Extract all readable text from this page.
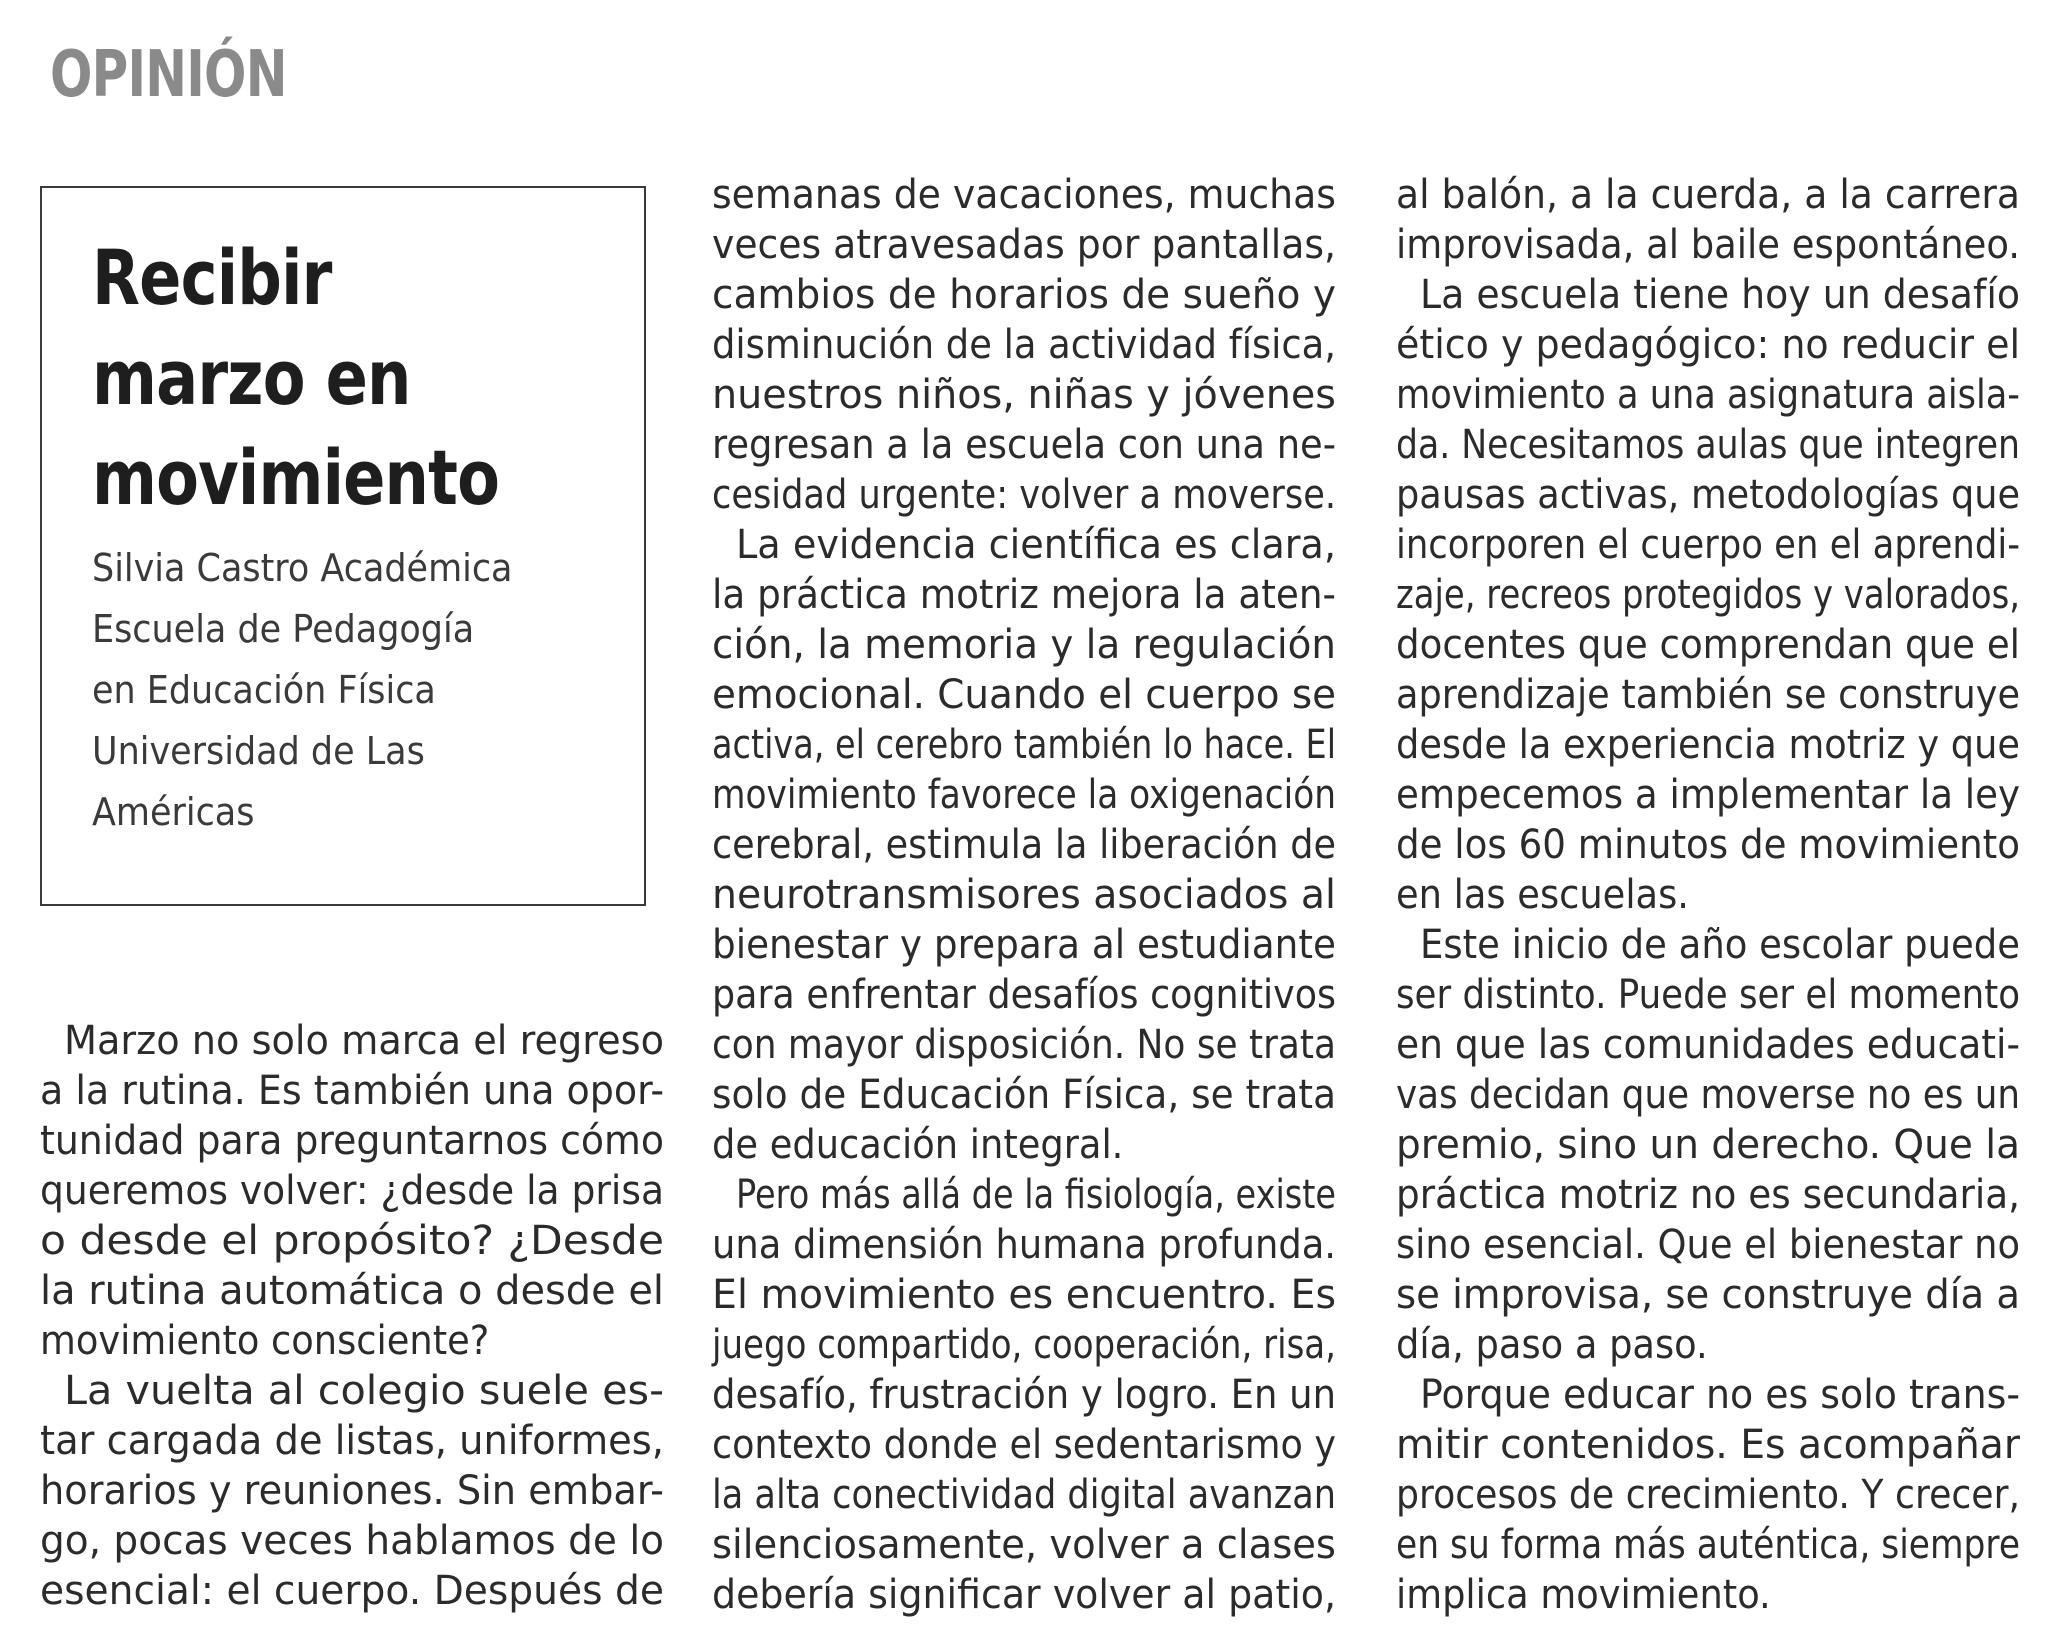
OPINIÓN
Recibir
marzo en
movimiento
Silvia Castro Académica
Escuela de Pedagogía
en Educación Física
Universidad de Las
Américas
Marzo no solo marca el regreso
a la rutina. Es también una opor-
tunidad para preguntarnos cómo
queremos volver: ¿desde la prisa
o desde el propósito? ¿Desde
la rutina automática o desde el
movimiento consciente?
La vuelta al colegio suele es-
tar cargada de listas, uniformes,
horarios y reuniones. Sin embar-
go, pocas veces hablamos de lo
esencial: el cuerpo. Después de
semanas de vacaciones, muchas
veces atravesadas por pantallas,
cambios de horarios de sueño y
disminución de la actividad física,
nuestros niños, niñas y jóvenes
regresan a la escuela con una ne-
cesidad urgente: volver a moverse.
La evidencia científica es clara,
la práctica motriz mejora la aten-
ción, la memoria y la regulación
emocional. Cuando el cuerpo se
activa, el cerebro también lo hace. El
movimiento favorece la oxigenación
cerebral, estimula la liberación de
neurotransmisores asociados al
bienestar y prepara al estudiante
para enfrentar desafíos cognitivos
con mayor disposición. No se trata
solo de Educación Física, se trata
de educación integral.
Pero más allá de la fisiología, existe
una dimensión humana profunda.
El movimiento es encuentro. Es
juego compartido, cooperación, risa,
desafío, frustración y logro. En un
contexto donde el sedentarismo y
la alta conectividad digital avanzan
silenciosamente, volver a clases
debería significar volver al patio,
al balón, a la cuerda, a la carrera
improvisada, al baile espontáneo.
La escuela tiene hoy un desafío
ético y pedagógico: no reducir el
movimiento a una asignatura aisla-
da. Necesitamos aulas que integren
pausas activas, metodologías que
incorporen el cuerpo en el aprendi-
zaje, recreos protegidos y valorados,
docentes que comprendan que el
aprendizaje también se construye
desde la experiencia motriz y que
empecemos a implementar la ley
de los 60 minutos de movimiento
en las escuelas.
Este inicio de año escolar puede
ser distinto. Puede ser el momento
en que las comunidades educati-
vas decidan que moverse no es un
premio, sino un derecho. Que la
práctica motriz no es secundaria,
sino esencial. Que el bienestar no
se improvisa, se construye día a
día, paso a paso.
Porque educar no es solo trans-
mitir contenidos. Es acompañar
procesos de crecimiento. Y crecer,
en su forma más auténtica, siempre
implica movimiento.
